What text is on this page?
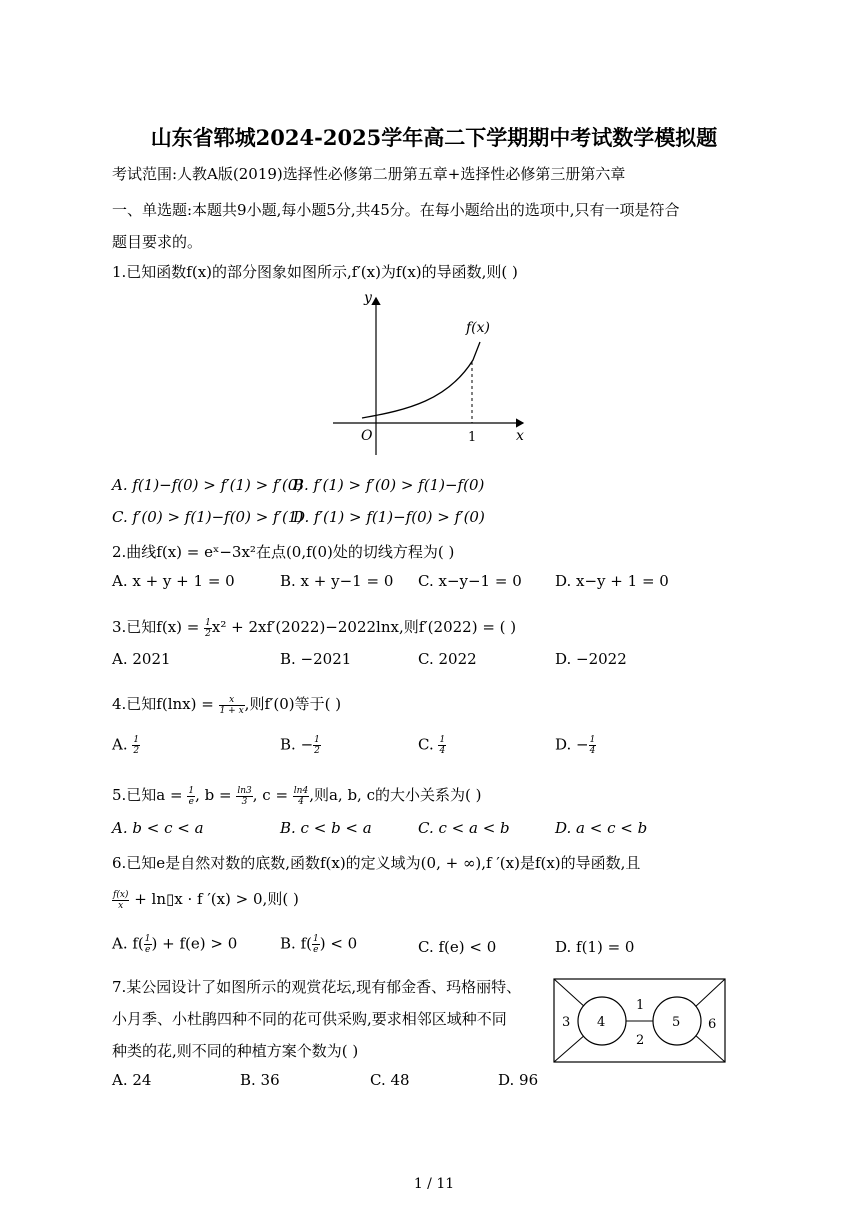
山东省郓城2024-2025学年高二下学期期中考试数学模拟题
考试范围:人教A版(2019)选择性必修第二册第五章+选择性必修第三册第六章
一、单选题:本题共9小题,每小题5分,共45分。在每小题给出的选项中,只有一项是符合
题目要求的。
1.已知函数f(x)的部分图象如图所示,f′(x)为f(x)的导函数,则( )
y
x
O	1
f(x)
A. f(1)−f(0) > f′(1) > f′(0)
B. f′(1) > f′(0) > f(1)−f(0)
C. f′(0) > f(1)−f(0) > f′(1)
D. f′(1) > f(1)−f(0) > f′(0)
2.曲线f(x) = eˣ−3x²在点(0,f(0)处的切线方程为( )
A. x + y + 1 = 0	B. x + y−1 = 0 C. x−y−1 = 0 D. x−y + 1 = 0
3.已知$f(x) = \frac{1}{2} x^2 + 2xf'(2022)-2022\ln x$,则f′(2022) = ( )
A. 2021	B. −2021	C. 2022	D. −2022
4.已知$f(\ln x) = \frac{x}{1 + x}$ ,则f′(0)等于( )
A. $\frac{1}{2}$	B. − $\frac{1}{2}$	C. $\frac{1}{4}$	D. − $\frac{1}{4}$
5.已知$a = \frac{1}{e}$ , $b = \frac{\ln 3}{3}$ , $c = \frac{\ln 4}{4}$ ,则a, b, c的大小关系为( )
A. b < c < a	B. c < b < a	C. c < a < b	D. a < c < b
6.已知e是自然对数的底数,函数f(x)的定义域为(0, + ∞),f ′(x)是f(x)的导函数,且
$\frac{f(x)}{x}$ + ln▯x · f ′(x) > 0,则( )
A. $f( \frac{1}{e}$ ) + f(e) > 0	B. $f( \frac{1}{e}$ ) < 0	C. f(e) < 0	D. f(1) = 0
7.某公园设计了如图所示的观赏花坛,现有郁金香、玛格丽特、
小月季、小杜鹃四种不同的花可供采购,要求相邻区域种不同
种类的花,则不同的种植方案个数为( )
1
2
3 4	5 6
A. 24	B. 36	C. 48	D. 96
1 / 11
